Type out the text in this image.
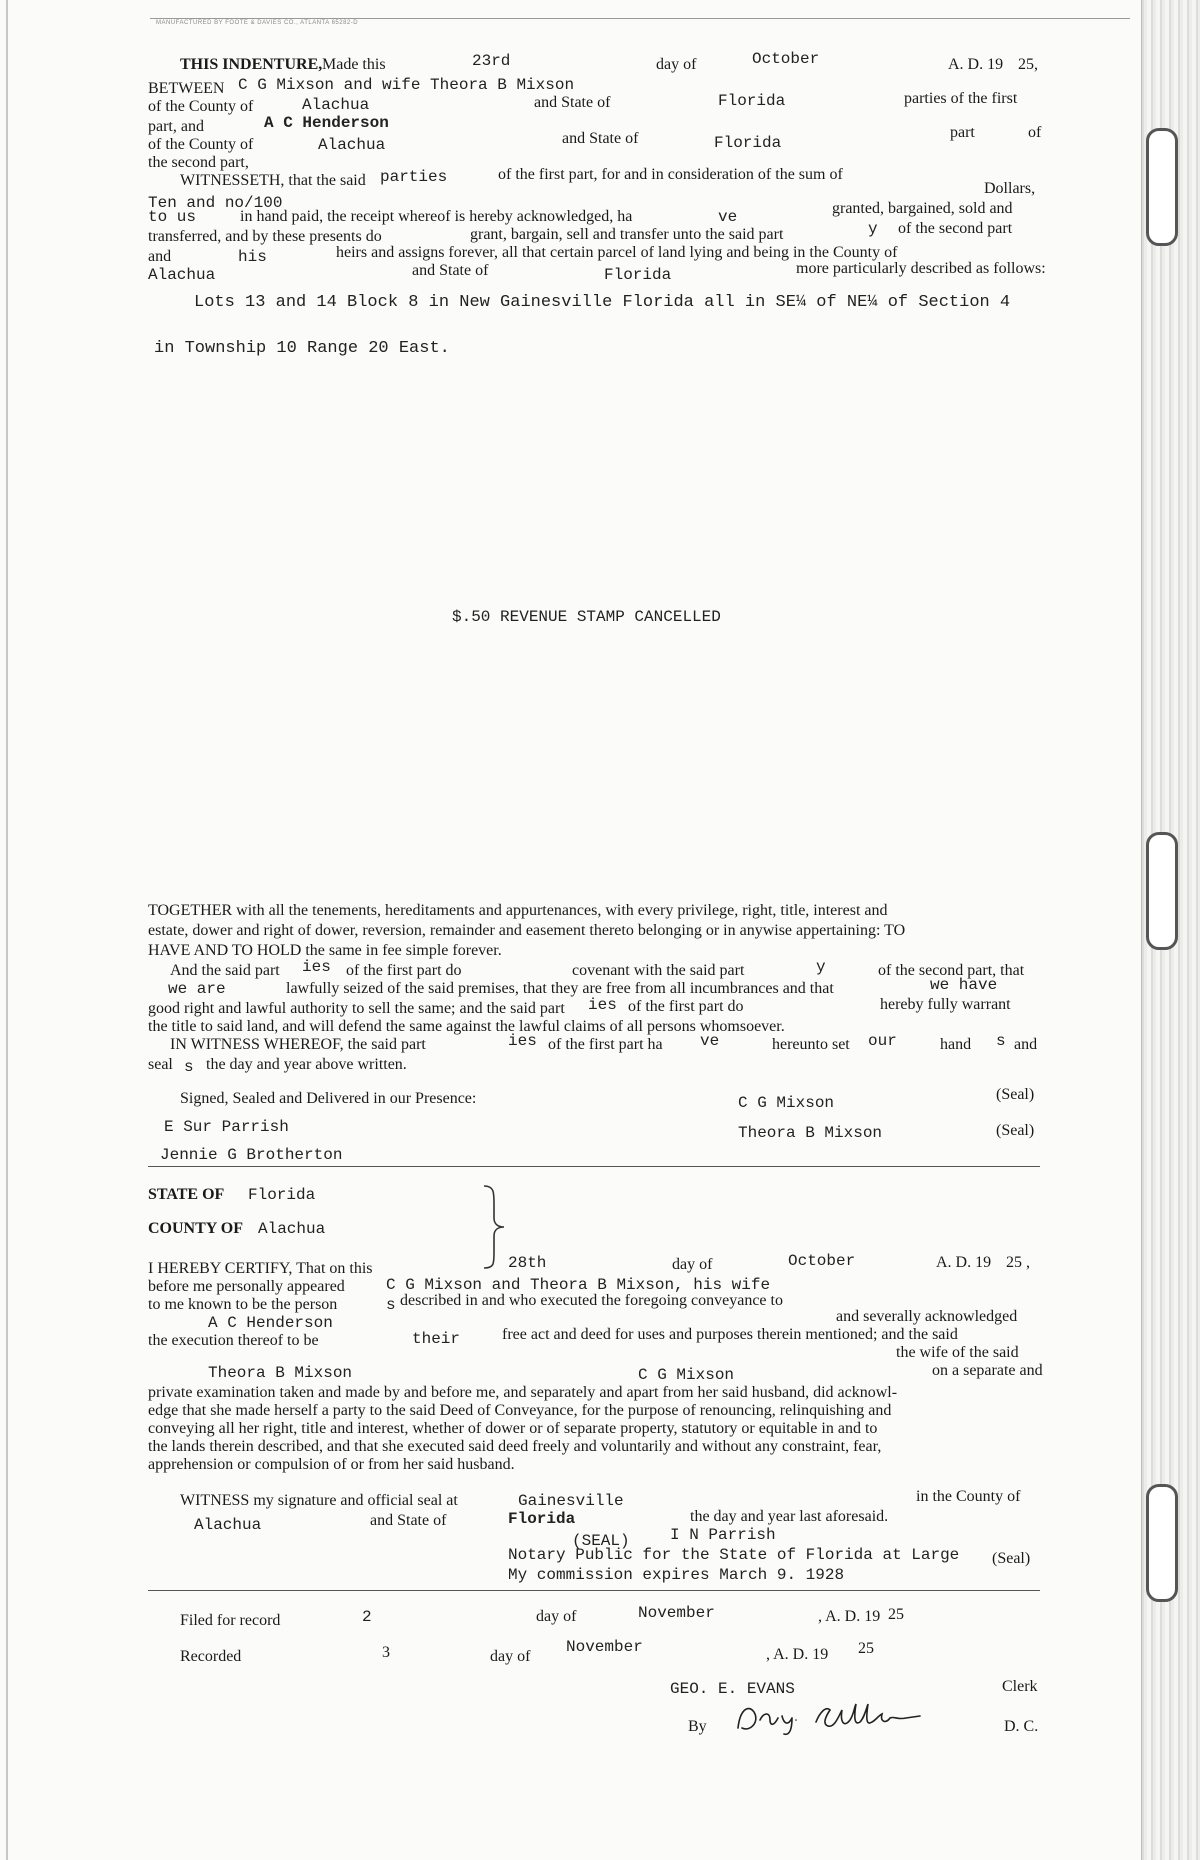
MANUFACTURED BY FOOTE & DAVIES CO., ATLANTA 65282-D
THIS INDENTURE, Made this	23rd	day of	October	A. D. 19 25,
BETWEEN C G Mixson and wife Theora B Mixson
of the County of	Alachua	and State of	Florida	parties of the first
part, and	A C Henderson
of the County of	Alachua	and State of	Florida
part	of
the second part,
WITNESSETH, that the said parties	of the first part, for and in consideration of the sum of
Dollars,
Ten and no/100
to us	in hand paid, the receipt whereof is hereby acknowledged, ha	ve	granted, bargained, sold and
transferred, and by these presents do	grant, bargain, sell and transfer unto the said part	y of the second part
and	his	heirs and assigns forever, all that certain parcel of land lying and being in the County of
Alachua	and State of	Florida	more particularly described as follows:
Lots 13 and 14 Block 8 in New Gainesville Florida all in SE¼ of NE¼ of Section 4
in Township 10 Range 20 East.
$.50 REVENUE STAMP CANCELLED
TOGETHER with all the tenements, hereditaments and appurtenances, with every privilege, right, title, interest and
estate, dower and right of dower, reversion, remainder and easement thereto belonging or in anywise appertaining: TO
HAVE AND TO HOLD the same in fee simple forever.
And the said part ies of the first part do	covenant with the said part	y	of the second part, that
we are	lawfully seized of the said premises, that they are free from all incumbrances and that	we have
good right and lawful authority to sell the same; and the said part ies of the first part do	hereby fully warrant
the title to said land, and will defend the same against the lawful claims of all persons whomsoever.
IN WITNESS WHEREOF, the said part	ies of the first part ha ve	hereunto set our	hand s and
seal s the day and year above written.
Signed, Sealed and Delivered in our Presence:
E Sur Parrish
Jennie G Brotherton
C G Mixson
Theora B Mixson
(Seal)
(Seal)
STATE OF Florida
COUNTY OF Alachua
I HEREBY CERTIFY, That on this	28th	day of	October	A. D. 19 25 ,
before me personally appeared	C G Mixson and Theora B Mixson, his wife
to me known to be the person	s described in and who executed the foregoing conveyance to
A C Henderson	and severally acknowledged
the execution thereof to be	their	free act and deed for uses and purposes therein mentioned; and the said
the wife of the said
Theora B Mixson	C G Mixson	on a separate and
private examination taken and made by and before me, and separately and apart from her said husband, did acknowl-
edge that she made herself a party to the said Deed of Conveyance, for the purpose of renouncing, relinquishing and
conveying all her right, title and interest, whether of dower or of separate property, statutory or equitable in and to
the lands therein described, and that she executed said deed freely and voluntarily and without any constraint, fear,
apprehension or compulsion of or from her said husband.
WITNESS my signature and official seal at	Gainesville	in the County of
Alachua	and State of	Florida	the day and year last aforesaid.
(SEAL)	I N Parrish
Notary Public for the State of Florida at Large (Seal)
My commission expires March 9. 1928
Filed for record	2	day of	November	, A. D. 19 25
Recorded	3	day of
November	, A. D. 19 25
GEO. E. EVANS	Clerk
By	D. C.
